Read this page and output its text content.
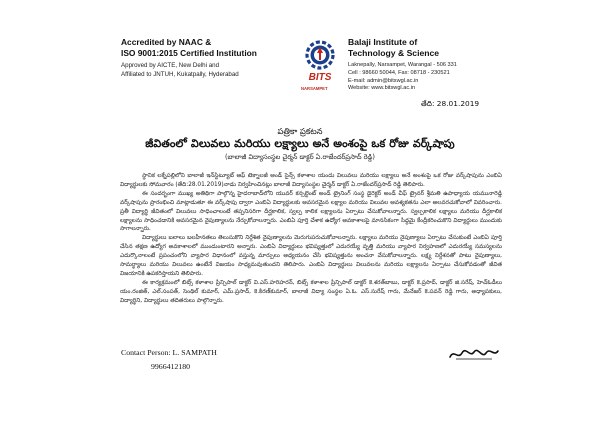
Accredited by NAAC &
ISO 9001:2015 Certified Institution
Approved by AICTE, New Delhi and
Affiliated to JNTUH, Kukatpally, Hyderabad	BITS
NARSAMPET
Balaji Institute of
Technology & Science
Laknepally, Narsampet, Warangal - 506 331
Cell : 98660 50044, Fax: 08718 - 230521
E-mail: admin@bitswgl.ac.in
Website: www.bitswgl.ac.in
తేది: 28.01.2019
పత్రికా ప్రకటన
జీవితంలో విలువలు మరియు లక్ష్యాలు అనే అంశంపై ఒక రోజు వర్క్‌షాపు
(బాలాజీ విద్యాసంస్థల చైర్మన్ డాక్టర్ ఏ.రాజేందర్‌ప్రసాద్ రెడ్డి)

స్థానిక లక్నేపల్లిలోని బాలాజీ ఇన్‌స్టిట్యూట్ ఆఫ్ టెక్నాలజీ అండ్ సైన్స్ కళాశాల యందు విలువలు మరియు లక్ష్యాలు అనే అంశంపై ఒక రోజు వర్క్‌షాపును ఎంబిఏ విద్యార్థులకు సోమవారం (తేది:28.01.2019)నాడు నిర్వహించినట్లు బాలాజీ విద్యాసంస్థల చైర్మన్ డాక్టర్ ఏ.రాజేందర్‌ప్రసాద్ రెడ్డి తెలిపారు.

ఈ సందర్భంగా ముఖ్య అతిథిగా పాల్గొన్న హైదరాబాద్‌లోని యువర్ కన్సల్టెంట్ అండ్ ట్రైనింగ్ సంస్థ డైరెక్టర్ అండ్ చీఫ్ ట్రైనర్ శ్రీమతి ఉపాధ్యాయ యమునారెడ్డి వర్క్‌షాపును ప్రారంభించి మాట్లాడుతూ ఈ వర్క్‌షాపు ద్వారా ఎంబిఏ విద్యార్థులకు అవసరమైన లక్ష్యాల మరియు విలువల అవశ్యకతను ఎలా అలవరచుకోవాలో వివరించారు. ప్రతీ విద్యార్థి జీవితంలో విలువలు సాధించాలంటే తప్పనిసరిగా దీర్ఘకాలిక, స్వల్ప కాలిక లక్ష్యాలను ఏర్పాటు చేసుకోవాలన్నారు. స్వల్పకాలిక లక్ష్యాలు మరియు దీర్ఘకాలిక లక్ష్యాలను సాధించడానికి అవసరమైన నైపుణ్యాలను నేర్చుకోవాలన్నారు. ఎంబిఏ పూర్తి చేశాక ఉద్యోగ అవకాశాలపై మానసికంగా సిద్ధమై కేంద్రీకరించుకొని విద్యార్థులు ముందుకు సాగాలన్నారు.

విద్యార్థులు బలాలు బలహీనతలు తెలుసుకొని నిర్దేశిత నైపుణ్యాలను మెరుగుపరుచుకోవాలన్నారు. లక్ష్యాలు మరియు నైపుణ్యాలు ఏర్పాటు చేసుకుంటే ఎంబిఏ పూర్తి చేసిన తక్షణ ఉద్యోగ అవకాశాలలో ముందుంటారని అన్నారు. ఎంబిఏ విద్యార్థులు భవిష్యత్తులో ఎదురయ్యే వృత్తి మరియు వ్యాపార నిర్వహణలో ఎదురయ్యే సమస్యలను ఎదుర్కొనాలంటే ప్రపంచంలోని వ్యాపార విధానంలో వస్తున్న మార్పులు అధ్యయనం చేసి భవిష్యత్తును అంచనా వేసుకోవాలన్నారు. లక్ష్య నిర్దేశనతో పాటు నైపుణ్యాలు, సామర్థ్యాలు మరియు విలువలు ఉంటేనే విజయం సాధ్యమవుతుందని తెలిపారు. ఎంబిఏ విద్యార్థులు విలువలను మరియు లక్ష్యాలను ఏర్పాటు చేసుకోవడంతో జీవిత విజయానికి ఉపకరిస్తాయని తెలిపారు.

ఈ కార్యక్రమంలో బిట్స్ కళాశాల ప్రిన్సిపాల్ డాక్టర్ వి.ఎస్.హరిహరన్, బిట్స్ కళాశాల ప్రిన్సిపాల్ డాక్టర్ కె.శరత్‌బాబు, డాక్టర్ కె.ప్రసాద్, డాక్టర్ జి.సరేష్, హెచ్‌ఓడీ‌లు యం.రంజిత్, ఎల్.సంపత్, సెంథిల్ కుమార్, ఎమ్.ప్రసాద్, కె.కిరణ్‌కుమార్, బాలాజీ విద్యా సంస్థల ఏ.ఓ. ఎస్.సురేష్ గారు, మేనేజర్ కె.పవన్ రెడ్డి గారు, అధ్యాపకులు, విద్యార్థిని, విద్యార్థులు తదితరులు పాల్గొన్నారు.

Contact Person: L. SAMPATH
9966412180
